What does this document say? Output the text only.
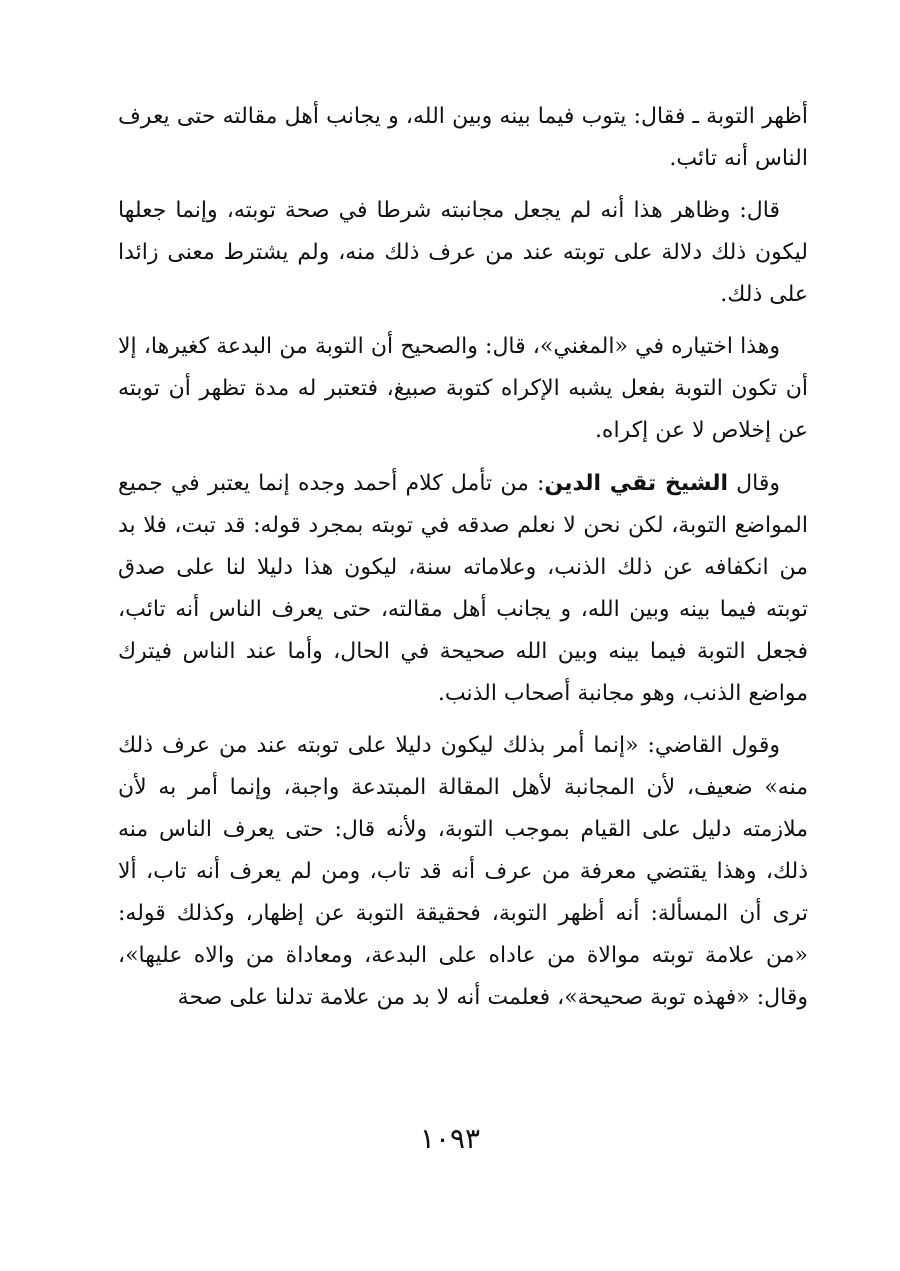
أظهر التوبة ـ فقال: يتوب فيما بينه وبين الله، و يجانب أهل مقالته حتى يعرف الناس أنه تائب.

قال: وظاهر هذا أنه لم يجعل مجانبته شرطا في صحة توبته، وإنما جعلها ليكون ذلك دلالة على توبته عند من عرف ذلك منه، ولم يشترط معنى زائدا على ذلك.

وهذا اختياره في «المغني»، قال: والصحيح أن التوبة من البدعة كغيرها، إلا أن تكون التوبة بفعل يشبه الإكراه كتوبة صبيغ، فتعتبر له مدة تظهر أن توبته عن إخلاص لا عن إكراه.

وقال الشيخ تقي الدين: من تأمل كلام أحمد وجده إنما يعتبر في جميع المواضع التوبة، لكن نحن لا نعلم صدقه في توبته بمجرد قوله: قد تبت، فلا بد من انكفافه عن ذلك الذنب، وعلاماته سنة، ليكون هذا دليلا لنا على صدق توبته فيما بينه وبين الله، و يجانب أهل مقالته، حتى يعرف الناس أنه تائب، فجعل التوبة فيما بينه وبين الله صحيحة في الحال، وأما عند الناس فيترك مواضع الذنب، وهو مجانبة أصحاب الذنب.

وقول القاضي: «إنما أمر بذلك ليكون دليلا على توبته عند من عرف ذلك منه» ضعيف، لأن المجانبة لأهل المقالة المبتدعة واجبة، وإنما أمر به لأن ملازمته دليل على القيام بموجب التوبة، ولأنه قال: حتى يعرف الناس منه ذلك، وهذا يقتضي معرفة من عرف أنه قد تاب، ومن لم يعرف أنه تاب، ألا ترى أن المسألة: أنه أظهر التوبة، فحقيقة التوبة عن إظهار، وكذلك قوله: «من علامة توبته موالاة من عاداه على البدعة، ومعاداة من والاه عليها»، وقال: «فهذه توبة صحيحة»، فعلمت أنه لا بد من علامة تدلنا على صحة

١٠٩٣
